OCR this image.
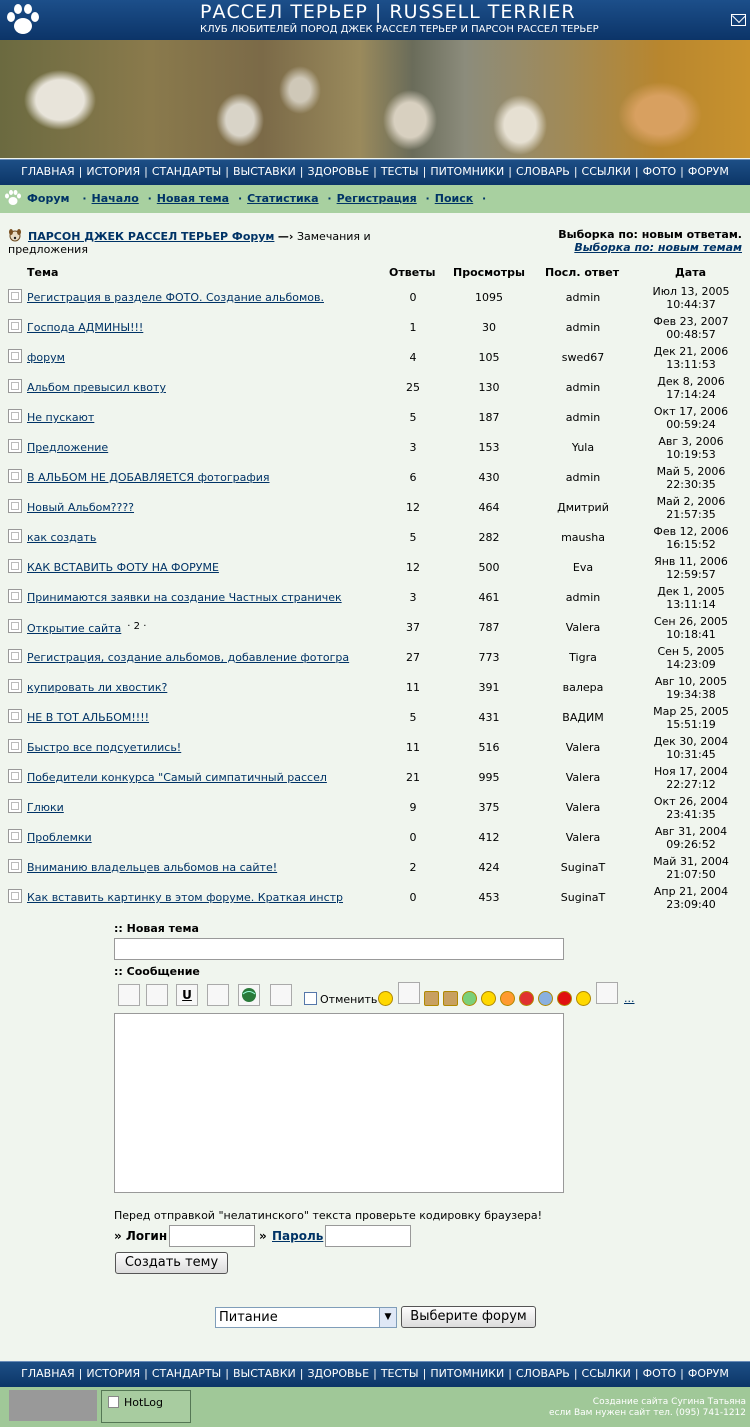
РАССЕЛ ТЕРЬЕР | RUSSELL TERRIER
КЛУБ ЛЮБИТЕЛЕЙ ПОРОД ДЖЕК РАССЕЛ ТЕРЬЕР И ПАРСОН РАССЕЛ ТЕРЬЕР
ГЛАВНАЯ | ИСТОРИЯ | СТАНДАРТЫ | ВЫСТАВКИ | ЗДОРОВЬЕ | ТЕСТЫ | ПИТОМНИКИ | СЛОВАРЬ | ССЫЛКИ | ФОТО | ФОРУМ
Форум · Начало · Новая тема · Статистика · Регистрация · Поиск ·
ПАРСОН ДЖЕК РАССЕЛ ТЕРЬЕР Форум —› Замечания и предложения
Выборка по: новым ответам.
Выборка по: новым темам
Тема	Ответы Просмотры Посл. ответ	Дата
Регистрация в разделе ФОТО. Создание альбомов.	0	1095	admin	Июл 13, 2005
10:44:37
Господа АДМИНЫ!!!	1	30	admin	Фев 23, 2007
00:48:57
форум	4	105	swed67	Дек 21, 2006
13:11:53
Альбом превысил квоту	25	130	admin	Дек 8, 2006
17:14:24
Не пускают	5	187	admin	Окт 17, 2006
00:59:24
Предложение	3	153	Yula	Авг 3, 2006
10:19:53
В АЛЬБОМ НЕ ДОБАВЛЯЕТСЯ фотография	6	430	admin	Май 5, 2006
22:30:35
Новый Альбом????	12	464	Дмитрий	Май 2, 2006
21:57:35
как создать	5	282	mausha	Фев 12, 2006
16:15:52
КАК ВСТАВИТЬ ФОТУ НА ФОРУМЕ	12	500	Eva	Янв 11, 2006
12:59:57
Принимаются заявки на создание Частных страничек	3	461	admin	Дек 1, 2005
13:11:14
Открытие сайта · 2 ·	37	787	Valera	Сен 26, 2005
10:18:41
Регистрация, создание альбомов, добавление фотогра	27	773	Tigra	Сен 5, 2005
14:23:09
купировать ли хвостик?	11	391	валера	Авг 10, 2005
19:34:38
НЕ В ТОТ АЛЬБОМ!!!!	5	431	ВАДИМ	Мар 25, 2005
15:51:19
Быстро все подсуетились!	11	516	Valera	Дек 30, 2004
10:31:45
Победители конкурса "Самый симпатичный рассел	21	995	Valera	Ноя 17, 2004
22:27:12
Глюки	9	375	Valera	Окт 26, 2004
23:41:35
Проблемки	0	412	Valera	Авг 31, 2004
09:26:52
Вниманию владельцев альбомов на сайте!	2	424	SuginaT	Май 31, 2004
21:07:50
Как вставить картинку в этом форуме. Краткая инстр	0	453	SuginaT	Апр 21, 2004
23:09:40
:: Новая тема
:: Сообщение
U	Отменить	...
Перед отправкой "нелатинского" текста проверьте кодировку браузера!
» Логин	» Пароль
Создать тему
Питание	▼	Выберите форум
ГЛАВНАЯ | ИСТОРИЯ | СТАНДАРТЫ | ВЫСТАВКИ | ЗДОРОВЬЕ | ТЕСТЫ | ПИТОМНИКИ | СЛОВАРЬ | ССЫЛКИ | ФОТО | ФОРУМ
HotLog	Создание сайта Сугина Татьяна
если Вам нужен сайт тел. (095) 741-1212
